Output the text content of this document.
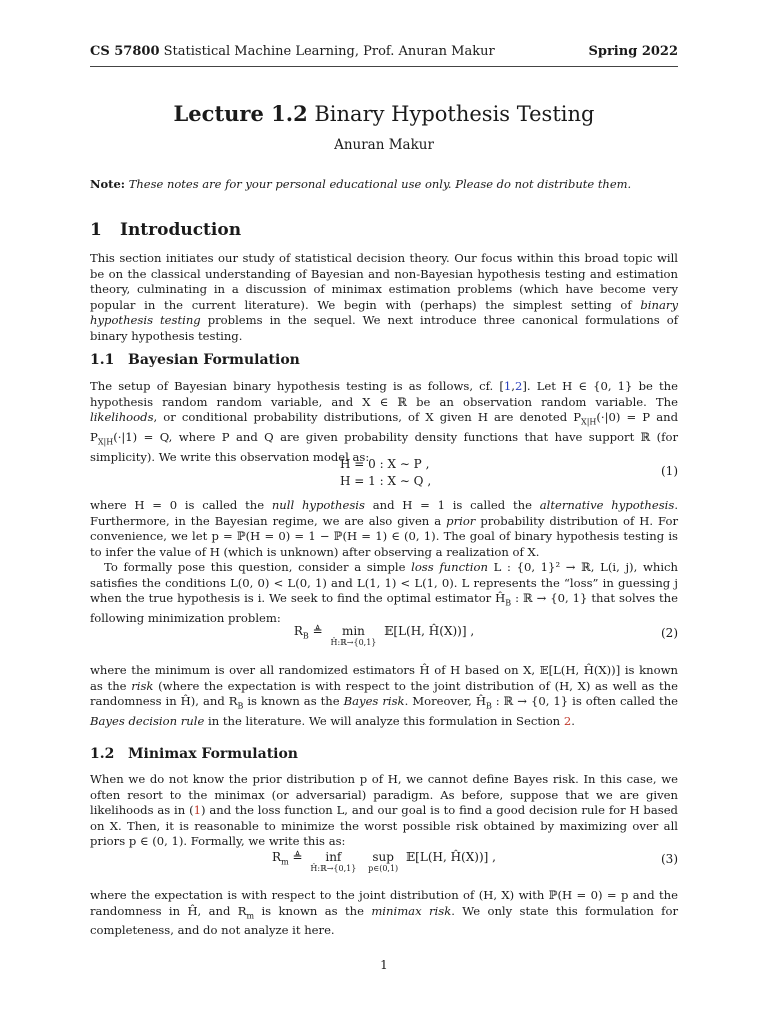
CS 57800 Statistical Machine Learning, Prof. Anuran Makur	Spring 2022
Lecture 1.2 Binary Hypothesis Testing
Anuran Makur
Note: These notes are for your personal educational use only. Please do not distribute them.
1 Introduction

This section initiates our study of statistical decision theory. Our focus within this broad topic will be on the classical understanding of Bayesian and non-Bayesian hypothesis testing and estimation theory, culminating in a discussion of minimax estimation problems (which have become very popular in the current literature). We begin with (perhaps) the simplest setting of binary hypothesis testing problems in the sequel. We next introduce three canonical formulations of binary hypothesis testing.

1.1 Bayesian Formulation

The setup of Bayesian binary hypothesis testing is as follows, cf. [1,2]. Let H ∈ {0, 1} be the hypothesis random random variable, and X ∈ ℝ be an observation random variable. The likelihoods, or conditional probability distributions, of X given H are denoted $P_{X|H}(\cdot|0) = P$ and $P_{X|H}(\cdot|1) = Q$, where P and Q are given probability density functions that have support ℝ (for simplicity). We write this observation model as:

H = 0 : X ∼ P ,
H = 1 : X ∼ Q ,
(1)

where H = 0 is called the null hypothesis and H = 1 is called the alternative hypothesis. Furthermore, in the Bayesian regime, we are also given a prior probability distribution of H. For convenience, we let p = ℙ(H = 0) = 1 − ℙ(H = 1) ∈ (0, 1). The goal of binary hypothesis testing is to infer the value of H (which is unknown) after observing a realization of X.

To formally pose this question, consider a simple loss function L : {0, 1}² → ℝ, L(i, j), which satisfies the conditions L(0, 0) < L(0, 1) and L(1, 1) < L(1, 0). L represents the “loss” in guessing j when the true hypothesis is i. We seek to find the optimal estimator $Ĥ_B$ : ℝ → {0, 1} that solves the following minimization problem:

$R_B$ ≜	min
Ĥ:ℝ→{0,1}
𝔼[L(H, Ĥ(X))] ,	(2)

where the minimum is over all randomized estimators Ĥ of H based on X, 𝔼[L(H, Ĥ(X))] is known as the risk (where the expectation is with respect to the joint distribution of (H, X) as well as the randomness in Ĥ), and $R_B$ is known as the Bayes risk. Moreover, $Ĥ_B$ : ℝ → {0, 1} is often called the Bayes decision rule in the literature. We will analyze this formulation in Section 2.

1.2 Minimax Formulation

When we do not know the prior distribution p of H, we cannot define Bayes risk. In this case, we often resort to the minimax (or adversarial) paradigm. As before, suppose that we are given likelihoods as in (1) and the loss function L, and our goal is to find a good decision rule for H based on X. Then, it is reasonable to minimize the worst possible risk obtained by maximizing over all priors p ∈ (0, 1). Formally, we write this as:

$R_m$ ≜	inf
Ĥ:ℝ→{0,1}

sup
p∈(0,1)
𝔼[L(H, Ĥ(X))] ,	(3)

where the expectation is with respect to the joint distribution of (H, X) with ℙ(H = 0) = p and the randomness in Ĥ, and $R_m$ is known as the minimax risk. We only state this formulation for completeness, and do not analyze it here.

1
